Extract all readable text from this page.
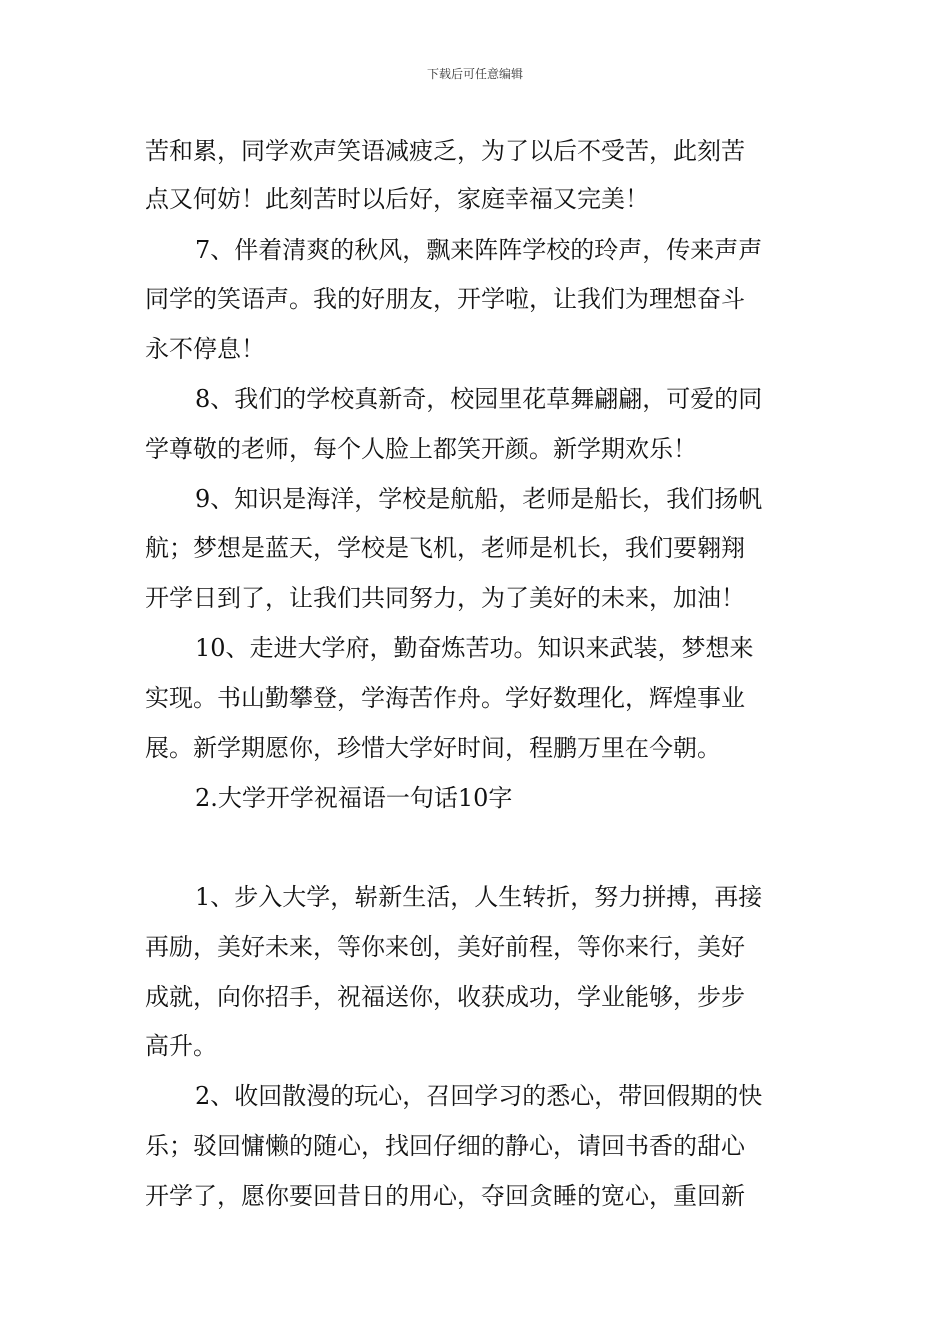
下载后可任意编辑
苦和累，同学欢声笑语减疲乏，为了以后不受苦，此刻苦
点又何妨！此刻苦时以后好，家庭幸福又完美！
7、伴着清爽的秋风，飘来阵阵学校的玲声，传来声声
同学的笑语声。我的好朋友，开学啦，让我们为理想奋斗
永不停息！
8、我们的学校真新奇，校园里花草舞翩翩，可爱的同
学尊敬的老师，每个人脸上都笑开颜。新学期欢乐！
9、知识是海洋，学校是航船，老师是船长，我们扬帆
航；梦想是蓝天，学校是飞机，老师是机长，我们要翱翔
开学日到了，让我们共同努力，为了美好的未来，加油！
10、走进大学府，勤奋炼苦功。知识来武装，梦想来
实现。书山勤攀登，学海苦作舟。学好数理化，辉煌事业
展。新学期愿你，珍惜大学好时间，程鹏万里在今朝。
2.大学开学祝福语一句话10字
1、步入大学，崭新生活，人生转折，努力拼搏，再接
再励，美好未来，等你来创，美好前程，等你来行，美好
成就，向你招手，祝福送你，收获成功，学业能够，步步
高升。
2、收回散漫的玩心，召回学习的悉心，带回假期的快
乐；驳回慵懒的随心，找回仔细的静心，请回书香的甜心
开学了，愿你要回昔日的用心，夺回贪睡的宽心，重回新
